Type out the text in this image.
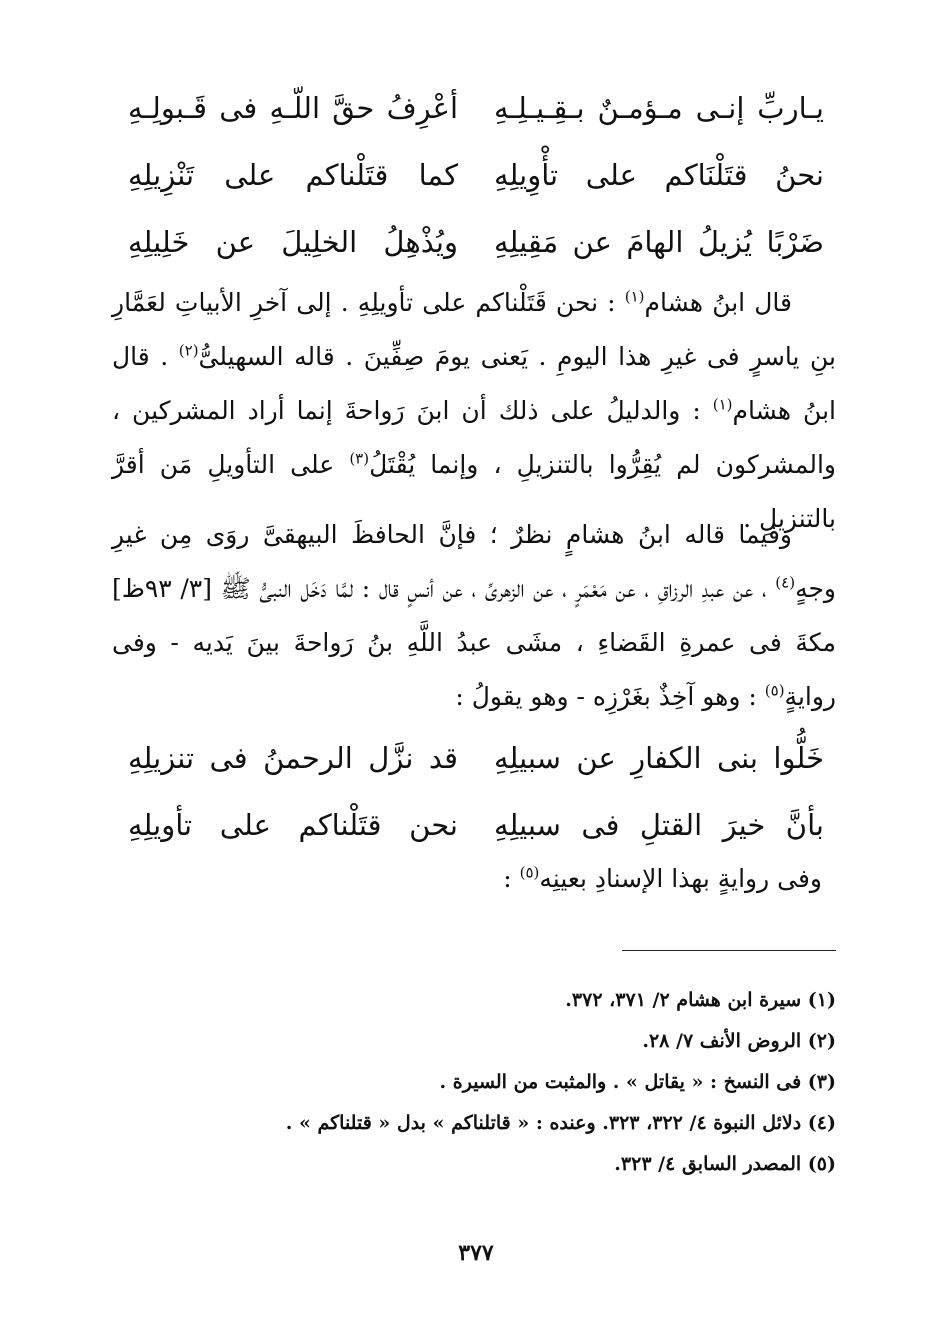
يـاربِّ إنـى مـؤمـنٌ بـقِـيـلِـهِ
أعْرِفُ حقَّ اللّـهِ فى قَـبولِـهِ
نحنُ قتَلْنَاكم على تأْوِيلِهِ
كما قتَلْناكم على تَنْزِيلِهِ
ضَرْبًا يُزيلُ الهامَ عن مَقِيلِهِ
ويُذْهِلُ الخلِيلَ عن خَلِيلِهِ

قال ابنُ هشام$^{(١)}$ : نحن قَتَلْناكم على تأويلِهِ . إلى آخرِ الأبياتِ لعَمَّارِ بنِ ياسرٍ فى غيرِ هذا اليومِ . يَعنى يومَ صِفِّينَ . قاله السهيلىُّ$^{(٢)}$ . قال ابنُ هشام$^{(١)}$ : والدليلُ على ذلك أن ابنَ رَواحةَ إنما أراد المشركين ، والمشركون لم يُقِرُّوا بالتنزيلِ ، وإنما يُقْتَلُ$^{(٣)}$ على التأويلِ مَن أقرَّ بالتنزيلِ .

وفيما قاله ابنُ هشامٍ نظرٌ ؛ فإنَّ الحافظَ البيهقىَّ روَى مِن غيرِ وجهٍ$^{(٤)}$ ، عن عبدِ الرزاقِ ، عن مَعْمَرٍ ، عن الزهرىِّ ، عن أنسٍ قال : لمَّا دَخَل النبىُّ ﷺ [٣/ ٩٣ظ] مكةَ فى عمرةِ القَضاءِ ، مشَى عبدُ اللَّهِ بنُ رَواحةَ بينَ يَديه - وفى روايةٍ$^{(٥)}$ : وهو آخِذٌ بغَرْزِه - وهو يقولُ :

خَلُّوا بنى الكفارِ عن سبيلِهِ
قد نزَّل الرحمنُ فى تنزيلِهِ
بأنَّ خيرَ القتلِ فى سبيلِهِ
نحن قتَلْناكم على تأويلِهِ
وفى روايةٍ بهذا الإسنادِ بعينِه$^{(٥)}$ :
(١) سيرة ابن هشام ٢/ ٣٧١، ٣٧٢.
(٢) الروض الأنف ٧/ ٢٨.
(٣) فى النسخ : « يقاتل » . والمثبت من السيرة .
(٤) دلائل النبوة ٤/ ٣٢٢، ٣٢٣. وعنده : « قاتلناكم » بدل « قتلناكم » .
(٥) المصدر السابق ٤/ ٣٢٣.
٣٧٧
